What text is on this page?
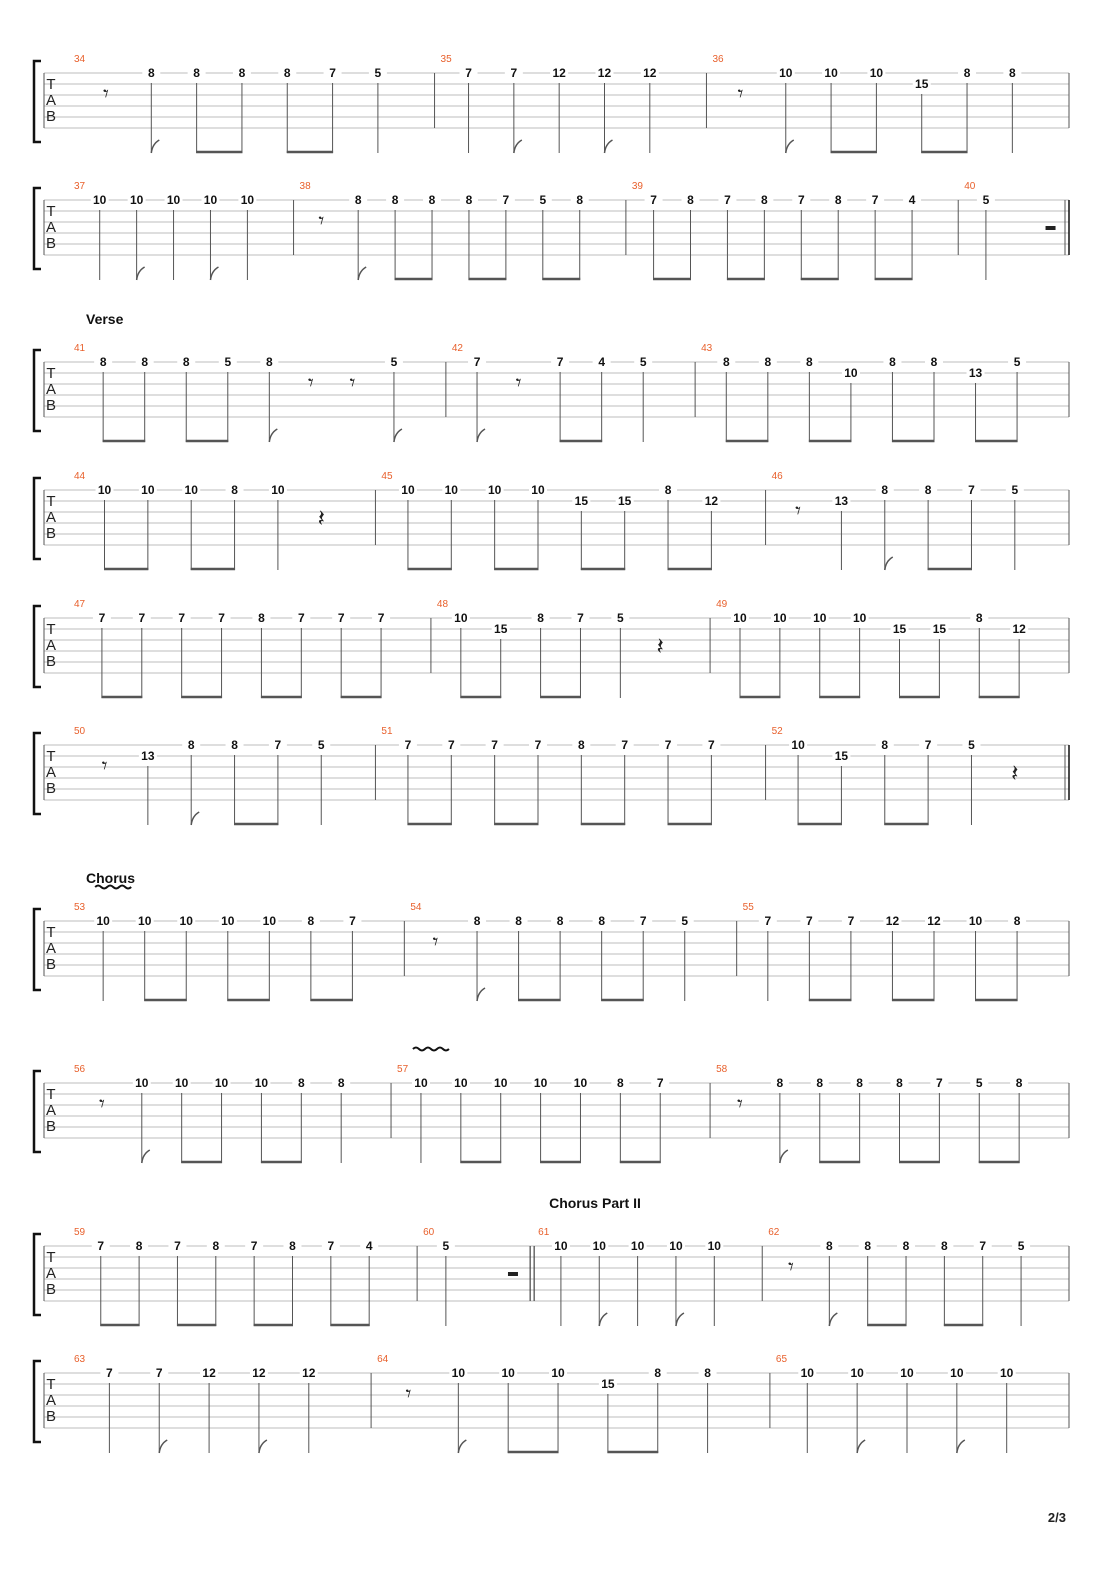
T
A
B
34
𝄾
8	8	8	8	7	5
35
7	7	12	12	12
36
𝄾
10	10	10
15
8	8
T
A
B
37
10 10 10 10 10
38
𝄾
8	8	8	8	7	5	8
39
7	8	7	8	7	8	7	4
40
5
T
A
B
Verse
41
8	8	8	5	8
𝄾 𝄾
5
42
7
𝄾
7	4	5
43
8	8	8
10
8	8
13
5
T
A
B
44
10 10 10	8	10
𝄽
45
10 10 10 10
15 15
8
12
46
𝄾	13
8	8	7	5
T
A
B
47
7	7	7	7	8	7	7	7
48
10
15
8	7	5
𝄽
49
10 10 10 10
15 15
8
12
T
A
B
50
𝄾	13
8	8	7	5
51
7	7	7	7	8	7	7	7
52
10
15
8	7	5
𝄽
T
A
B
Chorus
53
10 10 10 10 10	8	7
54
𝄾
8	8	8	8	7	5
55
7	7	7	12 12 10	8
T
A
B
56
𝄾
10 10 10 10 8	8
57
10 10 10 10 10 8	7
58
𝄾
8	8	8	8	7	5	8
T
A
B
Chorus Part II
59
7	8	7	8	7	8	7	4
60
5
61
10 10 10 10 10
62
𝄾
8	8	8	8	7	5
T
A
B
63
7	7	12	12	12
64
𝄾
10	10	10
15
8	8
65
10	10	10	10	10
2/3
